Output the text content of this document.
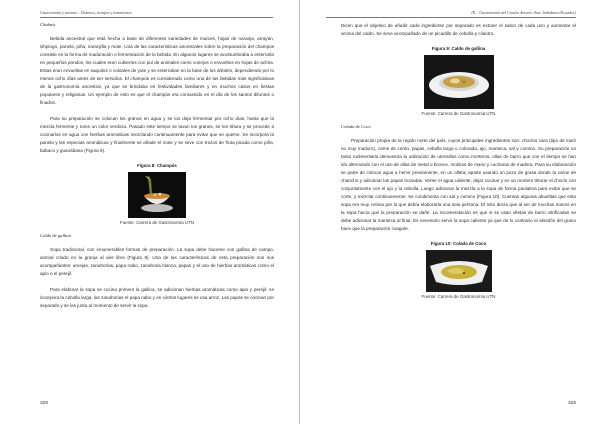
Gastronomía y turismo – Destinos, tiempos y tenimientos

Chahuis

Bebida ancestral que está hecha a base de diferentes variedades de maíces, hojas de naranja, arrayán, ishpingo, panela, piña, naranjilla y mote. Una de las características ancestrales sobre la preparación del champús consiste en la forma de maduración o fermentación de la bebida. En algunos lugares se acostumbraba a enterrarla en pequeños pondos, los cuales eran cubiertos con pul de animales como conejos o envueltos en hojas de achira. Estas eran envueltas en saquitos o costales de yute y se enterraban en la base de los árboles, dependiendo por lo menos ocho días antes de ser servidos. El champús es considerado como una de las bebidas más significativas de la gastronomía ancestral, ya que se brindaba en festividades familiares y en muchos casos en fiestas populares y religiosas. Un ejemplo de esto es que el champús era consumido en el día de los santos difuntos o finados.

Para su preparación se colocan los granos en agua y se los deja fermentar por ocho días, hasta que la mezcla fermente y tome un color verdoso. Pasado este tiempo se lavan los granos, se los tritura y se procede a cocinarlos en agua con hierbas aromáticas mezclando continuamente para evitar que se queme. Se incorpora la panela y las especias aromáticas y finalmente se añade el mote y se sirve con trozos de fruta picada como piña, babaco y guanábana (Figura 8).

Figura 8: Champús

Fuente: Carrera de Gastronomía UTN

Caldo de gallina

Sopa tradicional, con innumerables formas de preparación. La sopa debe hacerse con gallina de campo, animal criado en la granja al aire libre (Figura 9). Una de las características de esta preparación son sus acompañantes: arvejas, zanahorias, papa nabo, zanahoria blanca, papas y el uso de hierbas aromáticas como el apio o el perejil.

Para elaborar la sopa se cocina primero la gallina, se adicionan hierbas aromáticas como apio y perejil, se incorpora la cebolla larga, las zanahorias el papa nabo y en ciertos lugares se usa arroz. Las papas se cocinan por separado y se las junta al momento de servir la sopa.

326
III – Gastronomía del Cantón Antonio Ante, Imbabura (Ecuador)

Dicen que el objetivo de añadir cada ingrediente por separado es extraer el sabor de cada uno y aumentar el aroma del caldo. Se sirve acompañado de un picadillo de cebolla y cilantro.

Figura 9: Caldo de gallina

Fuente: Carrera de Gastronomía UTN

Colada de Coco

Preparación propia de la región norte del país, cuyos principales ingredientes son: choclos cara (tipo de maíz no muy maduro), carne de cerdo, papas, cebolla larga o colorada, ajo, manteca, sal y comino. Su preparación un tanto rudimentaria demuestra la utilización de utensilios como morteros, ollas de barro que con el tiempo se han ido alternando con el uso de ollas de metal o bronce, molinos de mano y cucharas de madera. Para su elaboración se parte de colocar agua a hervir previamente, en un olleta; aparte usando un pozo de grasa donde la carne de chancho y adicionar las papas trozadas. Verter el agua caliente, dejar cocinar y en un mortero triturar el choclo con conjuntamente con el ajo y la cebolla. Luego adicionar la mezcla a la sopa de forma paulatina para evitar que se corte, y mezclar continuamente. Se condimenta con sal y comino (Figura 10). Cuentan algunas abuelitas que esta sopa era muy celosa por lo que debía elaborarla una sola persona. El mito decía que al ser de muchas manos en la sopa hacía que la preparación se dañe. La recomendación es que si se usan olletas de barro vitrificadas se debe adicionar la manteca al final. Es necesario servir la sopa caliente ya que de lo contrario el almidón del grano hace que la preparación coagule.

Figura 10: Colada de Coco

Fuente: Carrera de Gastronomía UTN

325
